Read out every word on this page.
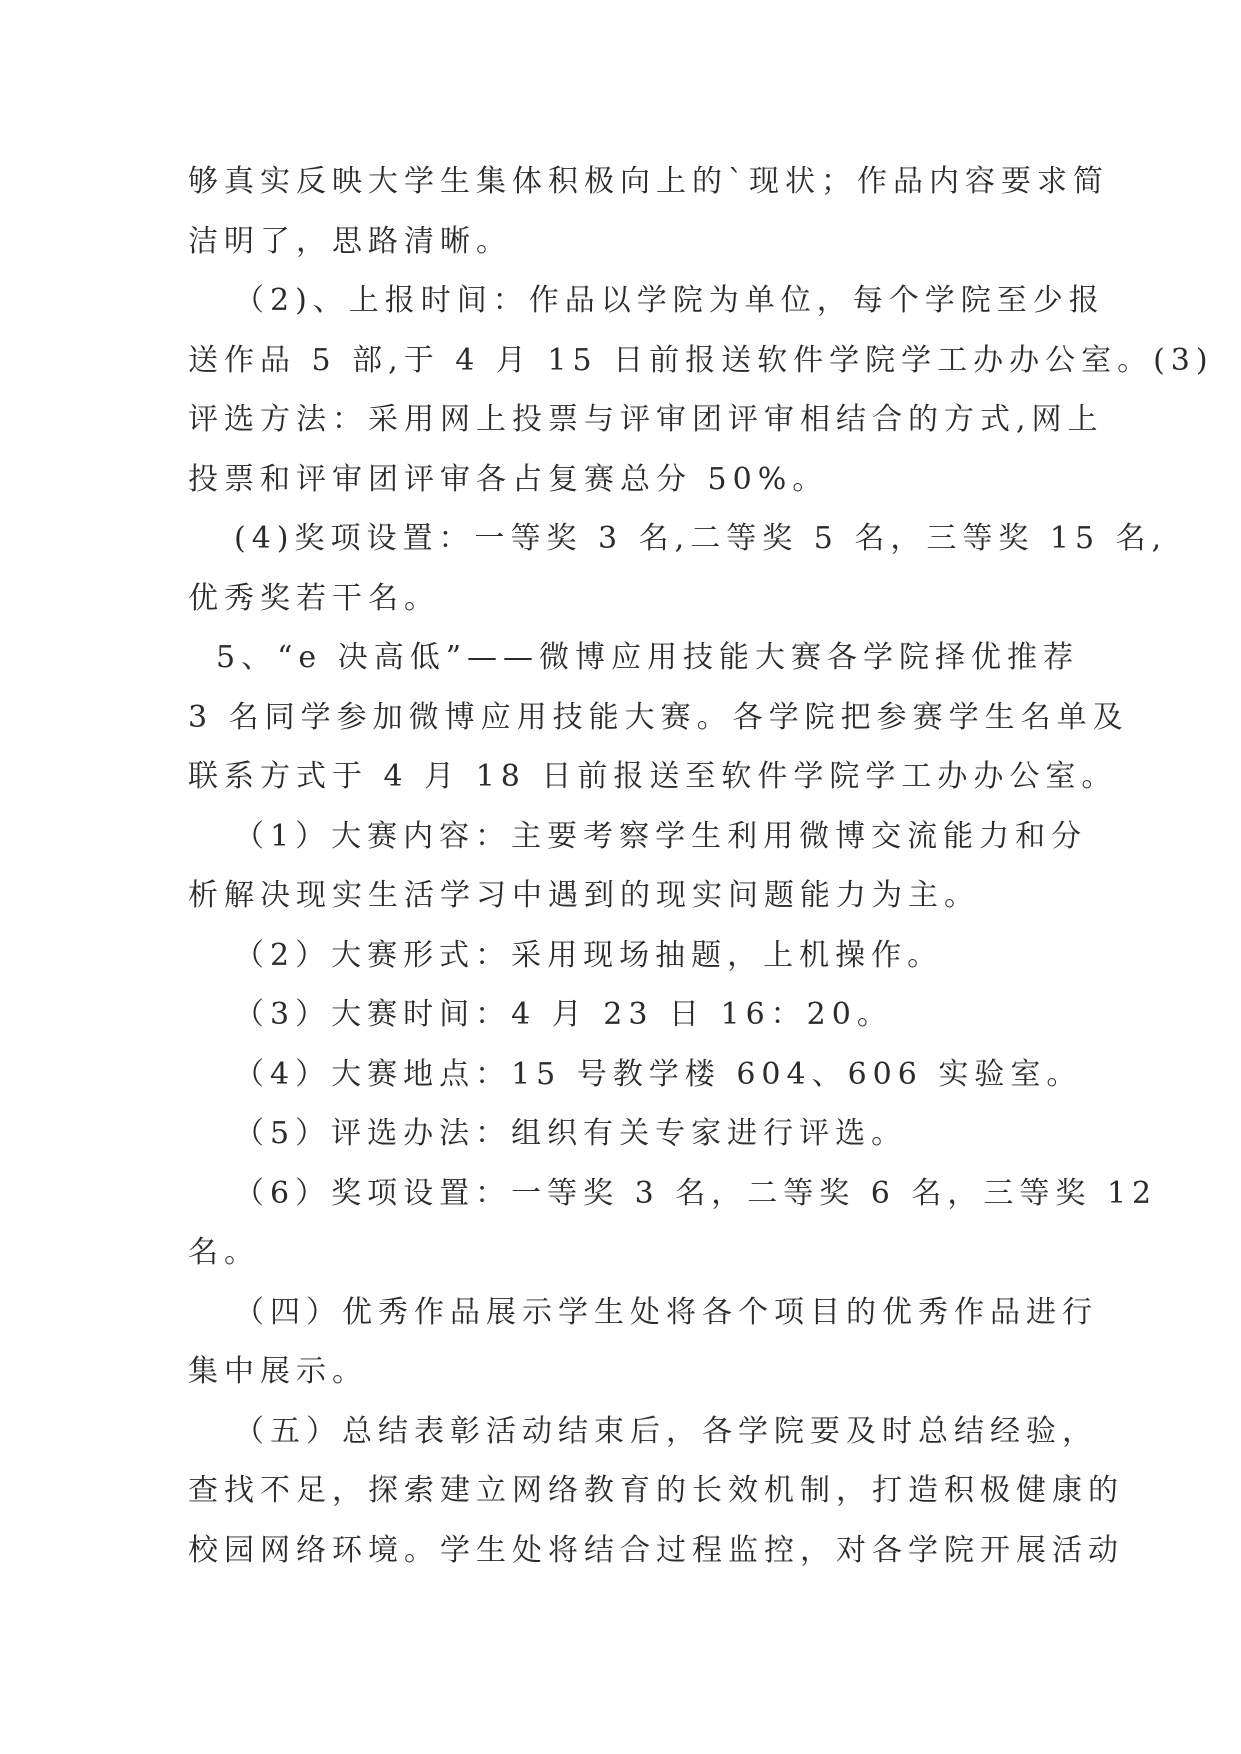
够真实反映大学生集体积极向上的`现状；作品内容要求简
洁明了，思路清晰。
（2)、上报时间：作品以学院为单位，每个学院至少报
送作品 5 部,于 4 月 15 日前报送软件学院学工办办公室。(3)
评选方法：采用网上投票与评审团评审相结合的方式,网上
投票和评审团评审各占复赛总分 50%。
(4)奖项设置：一等奖 3 名,二等奖 5 名，三等奖 15 名,
优秀奖若干名。
5、“e 决高低”——微博应用技能大赛各学院择优推荐
3 名同学参加微博应用技能大赛。各学院把参赛学生名单及
联系方式于 4 月 18 日前报送至软件学院学工办办公室。
（1）大赛内容：主要考察学生利用微博交流能力和分
析解决现实生活学习中遇到的现实问题能力为主。
（2）大赛形式：采用现场抽题，上机操作。
（3）大赛时间：4 月 23 日 16：20。
（4）大赛地点：15 号教学楼 604、606 实验室。
（5）评选办法：组织有关专家进行评选。
（6）奖项设置：一等奖 3 名，二等奖 6 名，三等奖 12
名。
（四）优秀作品展示学生处将各个项目的优秀作品进行
集中展示。
（五）总结表彰活动结束后，各学院要及时总结经验，
查找不足，探索建立网络教育的长效机制，打造积极健康的
校园网络环境。学生处将结合过程监控，对各学院开展活动
